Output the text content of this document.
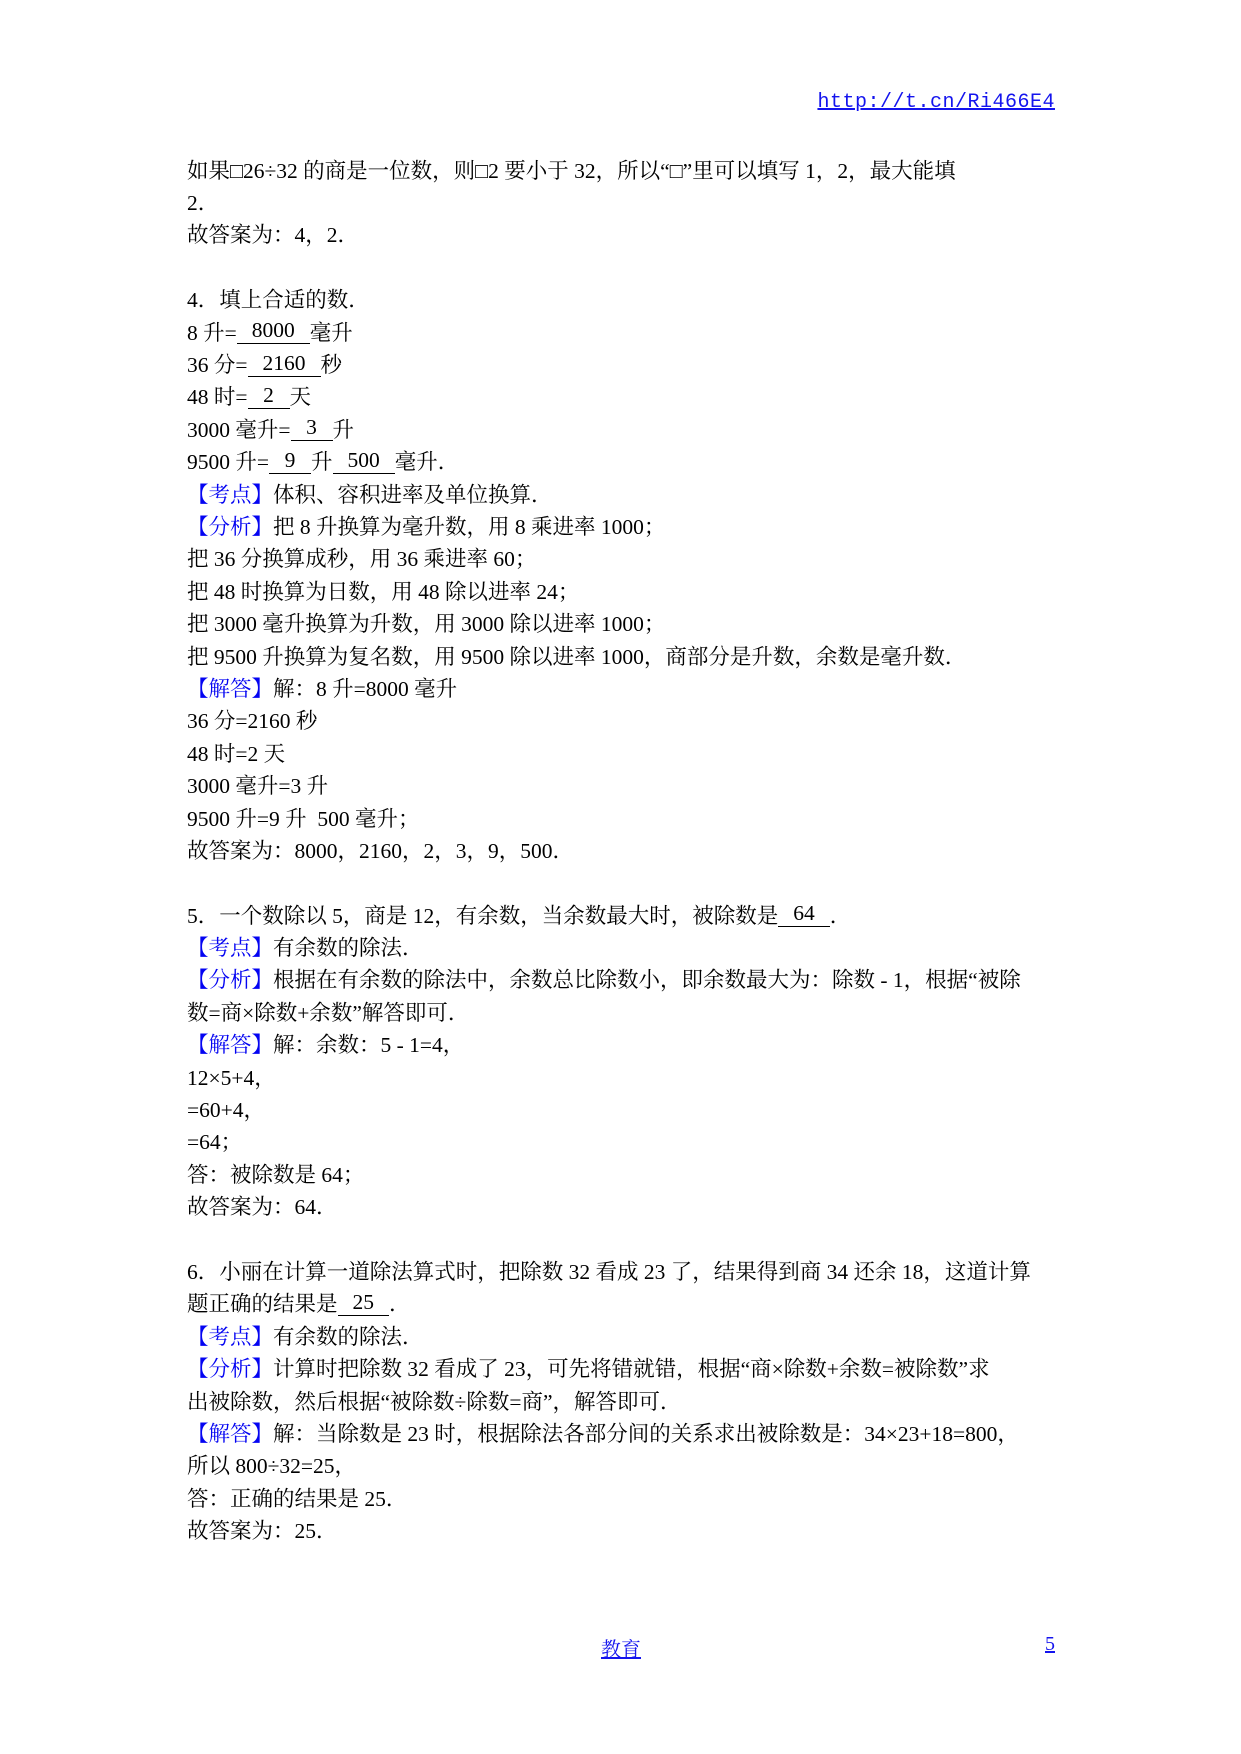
http://t.cn/Ri466E4
如果□26÷32 的商是一位数，则□2 要小于 32，所以“□”里可以填写 1，2，最大能填
2．
故答案为：4，2．
4．填上合适的数．
8 升= 8000 毫升
36 分= 2160 秒
48 时= 2 天
3000 毫升= 3 升
9500 升= 9 升 500 毫升．
【考点】 体积、容积进率及单位换算．
【分析】 把 8 升换算为毫升数，用 8 乘进率 1000；
把 36 分换算成秒，用 36 乘进率 60；
把 48 时换算为日数，用 48 除以进率 24；
把 3000 毫升换算为升数，用 3000 除以进率 1000；
把 9500 升换算为复名数，用 9500 除以进率 1000，商部分是升数，余数是毫升数．
【解答】 解：8 升=8000 毫升
36 分=2160 秒
48 时=2 天
3000 毫升=3 升
9500 升=9 升  500 毫升；
故答案为：8000，2160，2，3，9，500．
5．一个数除以 5，商是 12，有余数，当余数最大时，被除数是 64 ．
【考点】 有余数的除法．
【分析】 根据在有余数的除法中，余数总比除数小，即余数最大为：除数 - 1，根据“被除
数=商×除数+余数”解答即可．
【解答】 解：余数：5 - 1=4，
12×5+4，
=60+4，
=64；
答：被除数是 64；
故答案为：64．
6．小丽在计算一道除法算式时，把除数 32 看成 23 了，结果得到商 34 还余 18，这道计算
题正确的结果是 25 ．
【考点】 有余数的除法．
【分析】 计算时把除数 32 看成了 23，可先将错就错，根据“商×除数+余数=被除数”求
出被除数，然后根据“被除数÷除数=商”，解答即可．
【解答】 解：当除数是 23 时，根据除法各部分间的关系求出被除数是：34×23+18=800，
所以 800÷32=25，
答：正确的结果是 25．
故答案为：25．
教育	5
